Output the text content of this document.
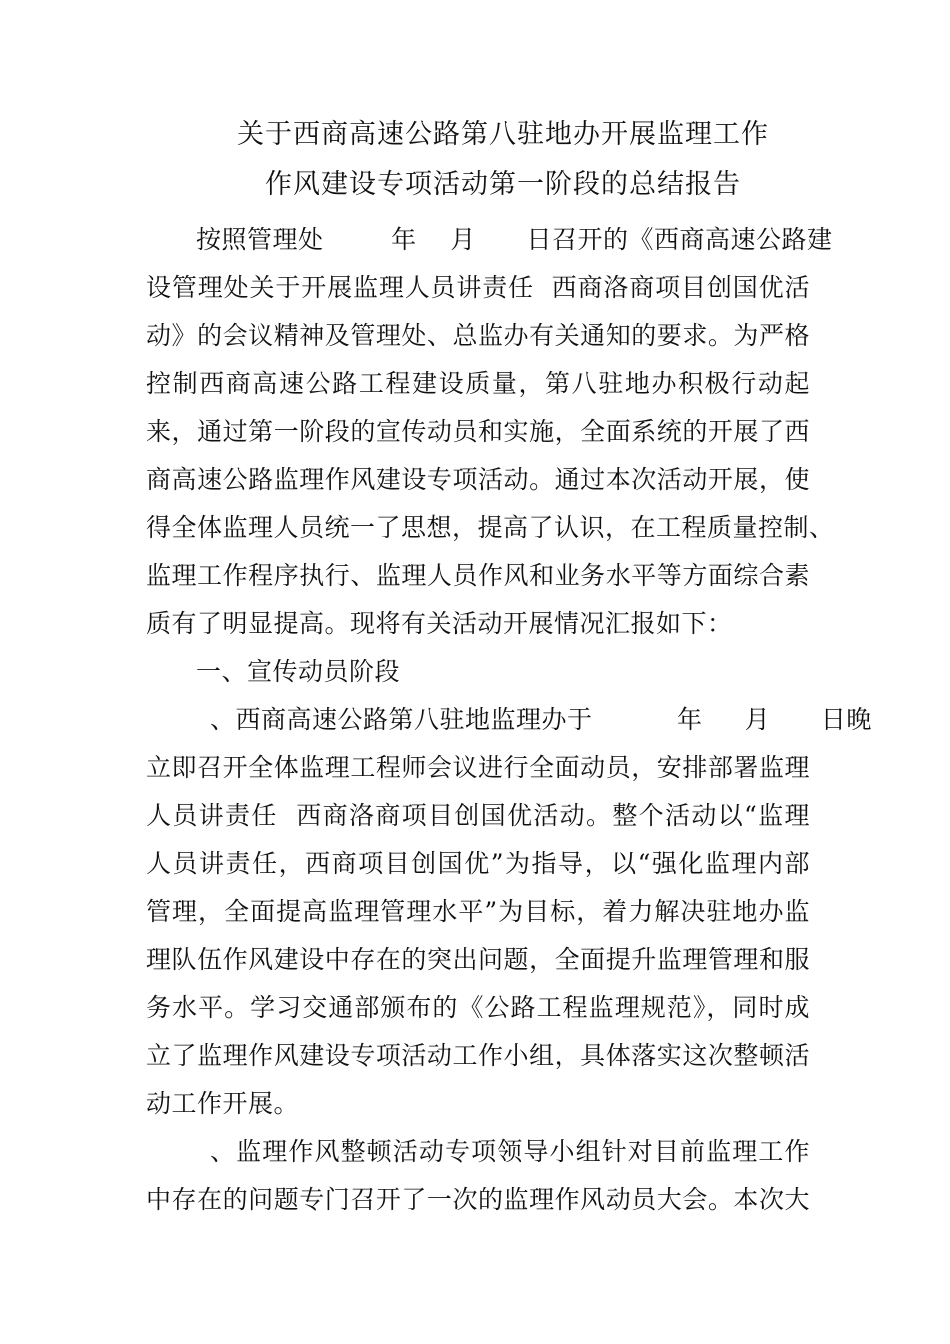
关于西商高速公路第八驻地办开展监理工作
作风建设专项活动第一阶段的总结报告
按照管理处        年    月      日召开的《西商高速公路建
设管理处关于开展监理人员讲责任  西商洛商项目创国优活
动》的会议精神及管理处、总监办有关通知的要求。为严格
控制西商高速公路工程建设质量，第八驻地办积极行动起
来，通过第一阶段的宣传动员和实施，全面系统的开展了西
商高速公路监理作风建设专项活动。通过本次活动开展，使
得全体监理人员统一了思想，提高了认识，在工程质量控制、
监理工作程序执行、监理人员作风和业务水平等方面综合素
质有了明显提高。现将有关活动开展情况汇报如下：
一、宣传动员阶段
、西商高速公路第八驻地监理办于          年     月      日晚
立即召开全体监理工程师会议进行全面动员，安排部署监理
人员讲责任  西商洛商项目创国优活动。整个活动以“监理
人员讲责任，西商项目创国优”为指导，以“强化监理内部
管理，全面提高监理管理水平”为目标，着力解决驻地办监
理队伍作风建设中存在的突出问题，全面提升监理管理和服
务水平。学习交通部颁布的《公路工程监理规范》，同时成
立了监理作风建设专项活动工作小组，具体落实这次整顿活
动工作开展。
、监理作风整顿活动专项领导小组针对目前监理工作
中存在的问题专门召开了一次的监理作风动员大会。本次大
